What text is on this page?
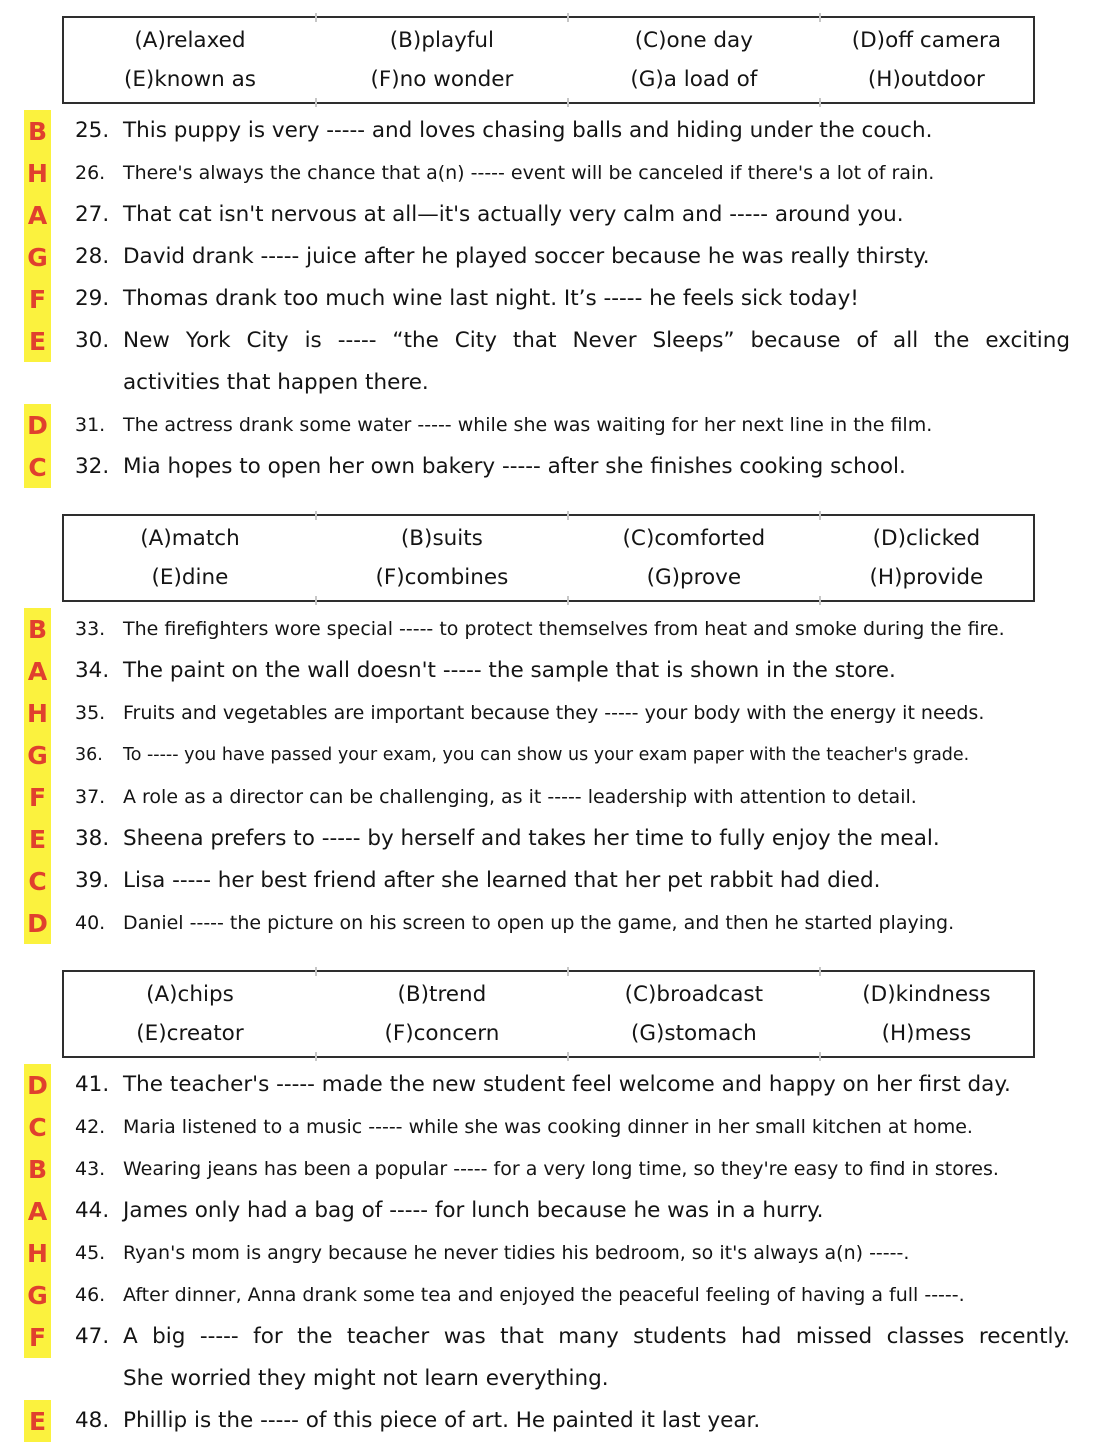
(A)relaxed	(B)playful	(C)one day	(D)off camera
(E)known as	(F)no wonder	(G)a load of	(H)outdoor
B 25. This puppy is very ----- and loves chasing balls and hiding under the couch.
H 26. There's always the chance that a(n) ----- event will be canceled if there's a lot of rain.
A 27. That cat isn't nervous at all—it's actually very calm and ----- around you.
G 28. David drank ----- juice after he played soccer because he was really thirsty.
F 29. Thomas drank too much wine last night. It’s ----- he feels sick today!
E 30. New York City is ----- “the City that Never Sleeps” because of all the exciting
activities that happen there.
D 31. The actress drank some water ----- while she was waiting for her next line in the film.
C 32. Mia hopes to open her own bakery ----- after she finishes cooking school.
(A)match	(B)suits	(C)comforted	(D)clicked
(E)dine	(F)combines	(G)prove	(H)provide
B 33. The firefighters wore special ----- to protect themselves from heat and smoke during the fire.
A 34. The paint on the wall doesn't ----- the sample that is shown in the store.
H 35. Fruits and vegetables are important because they ----- your body with the energy it needs.
G 36.	To ----- you have passed your exam, you can show us your exam paper with the teacher's grade.
F 37. A role as a director can be challenging, as it ----- leadership with attention to detail.
E 38. Sheena prefers to ----- by herself and takes her time to fully enjoy the meal.
C 39. Lisa ----- her best friend after she learned that her pet rabbit had died.
D 40. Daniel ----- the picture on his screen to open up the game, and then he started playing.
(A)chips	(B)trend	(C)broadcast	(D)kindness
(E)creator	(F)concern	(G)stomach	(H)mess
D 41. The teacher's ----- made the new student feel welcome and happy on her first day.
C 42. Maria listened to a music ----- while she was cooking dinner in her small kitchen at home.
B 43. Wearing jeans has been a popular ----- for a very long time, so they're easy to find in stores.
A 44. James only had a bag of ----- for lunch because he was in a hurry.
H 45. Ryan's mom is angry because he never tidies his bedroom, so it's always a(n) -----.
G 46. After dinner, Anna drank some tea and enjoyed the peaceful feeling of having a full -----.
F 47. A big ----- for the teacher was that many students had missed classes recently.
She worried they might not learn everything.
E 48. Phillip is the ----- of this piece of art. He painted it last year.
